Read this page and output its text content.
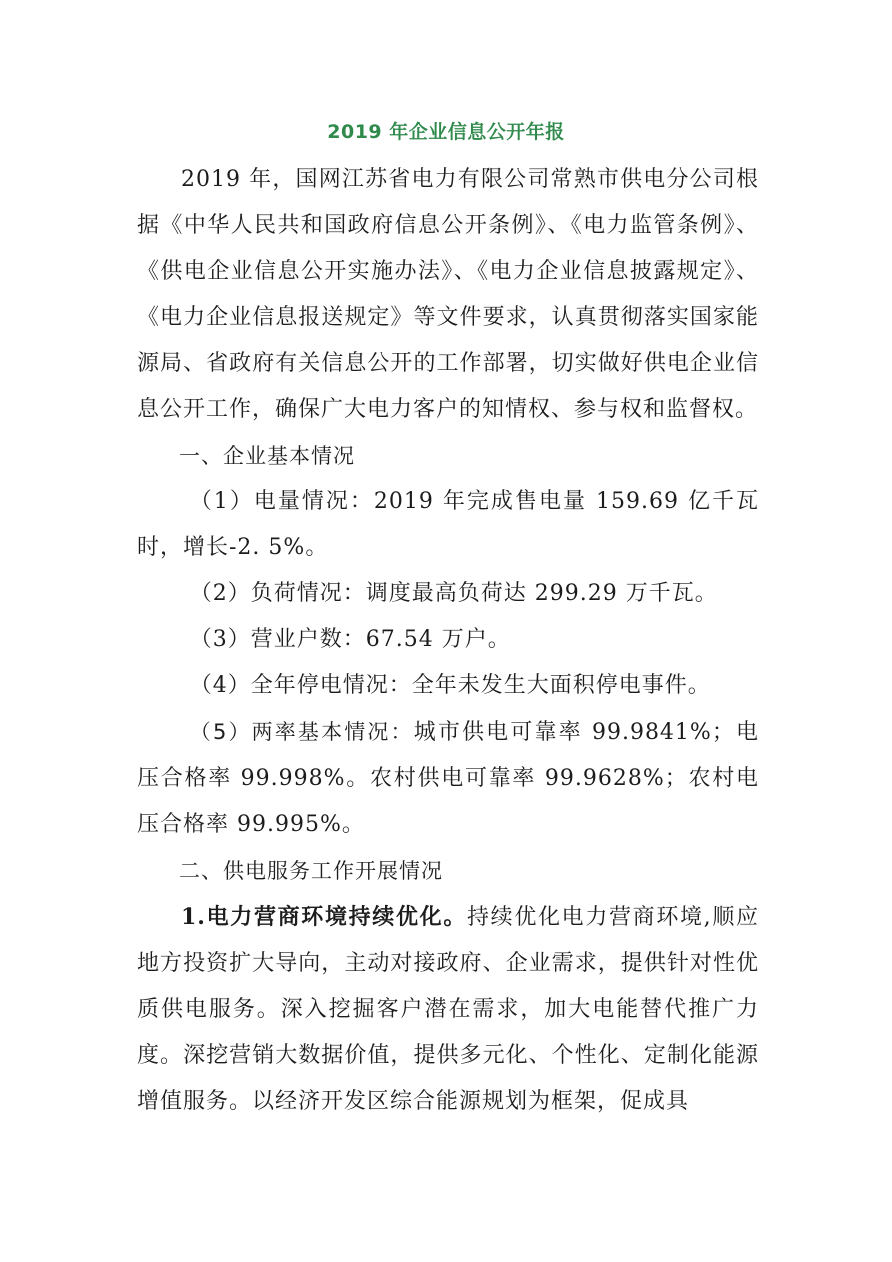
2019 年企业信息公开年报

2019 年，国网江苏省电力有限公司常熟市供电分公司根据《中华人民共和国政府信息公开条例》、《电力监管条例》、《供电企业信息公开实施办法》、《电力企业信息披露规定》、《电力企业信息报送规定》等文件要求，认真贯彻落实国家能源局、省政府有关信息公开的工作部署，切实做好供电企业信息公开工作，确保广大电力客户的知情权、参与权和监督权。

一、企业基本情况

（1）电量情况：2019 年完成售电量 159.69 亿千瓦时，增长-2. 5%。

（2）负荷情况：调度最高负荷达 299.29 万千瓦。

（3）营业户数：67.54 万户。

（4）全年停电情况：全年未发生大面积停电事件。

（5）两率基本情况：城市供电可靠率 99.9841%；电压合格率 99.998%。农村供电可靠率 99.9628%；农村电压合格率 99.995%。

二、供电服务工作开展情况

1.电力营商环境持续优化。持续优化电力营商环境,顺应地方投资扩大导向，主动对接政府、企业需求，提供针对性优质供电服务。深入挖掘客户潜在需求，加大电能替代推广力度。深挖营销大数据价值，提供多元化、个性化、定制化能源增值服务。以经济开发区综合能源规划为框架，促成具
